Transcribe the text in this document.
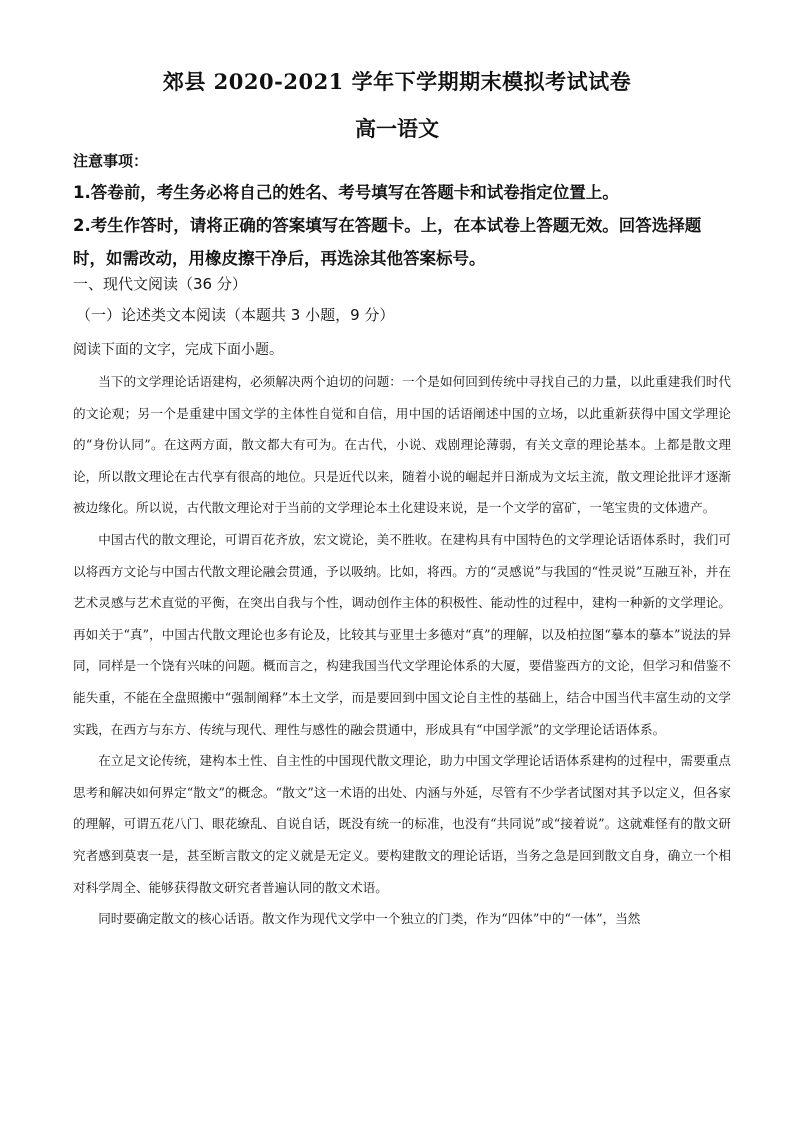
郊县 2020-2021 学年下学期期末模拟考试试卷
高一语文
注意事项：
1.答卷前，考生务必将自己的姓名、考号填写在答题卡和试卷指定位置上。
2.考生作答时，请将正确的答案填写在答题卡。上，在本试卷上答题无效。回答选择题时，如需改动，用橡皮擦干净后，再选涂其他答案标号。
一、现代文阅读（36 分）
（一）论述类文本阅读（本题共 3 小题，9 分）
阅读下面的文字，完成下面小题。

当下的文学理论话语建构，必须解决两个迫切的问题：一个是如何回到传统中寻找自己的力量，以此重建我们时代的文论观；另一个是重建中国文学的主体性自觉和自信，用中国的话语阐述中国的立场，以此重新获得中国文学理论的“身份认同”。在这两方面，散文都大有可为。在古代，小说、戏剧理论薄弱，有关文章的理论基本。上都是散文理论，所以散文理论在古代享有很高的地位。只是近代以来，随着小说的崛起并日渐成为文坛主流，散文理论批评才逐渐被边缘化。所以说，古代散文理论对于当前的文学理论本土化建设来说，是一个文学的富矿，一笔宝贵的文体遗产。

中国古代的散文理论，可谓百花齐放，宏文谠论，美不胜收。在建构具有中国特色的文学理论话语体系时，我们可以将西方文论与中国古代散文理论融会贯通，予以吸纳。比如，将西。方的“灵感说”与我国的“性灵说”互融互补，并在艺术灵感与艺术直觉的平衡，在突出自我与个性，调动创作主体的积极性、能动性的过程中，建构一种新的文学理论。再如关于“真”，中国古代散文理论也多有论及，比较其与亚里士多德对“真”的理解，以及柏拉图“摹本的摹本”说法的异同，同样是一个饶有兴味的问题。概而言之，构建我国当代文学理论体系的大厦，要借鉴西方的文论，但学习和借鉴不能失重，不能在全盘照搬中“强制阐释”本土文学，而是要回到中国文论自主性的基础上，结合中国当代丰富生动的文学实践，在西方与东方、传统与现代、理性与感性的融会贯通中，形成具有“中国学派”的文学理论话语体系。

在立足文论传统，建构本土性、自主性的中国现代散文理论，助力中国文学理论话语体系建构的过程中，需要重点思考和解决如何界定“散文”的概念。“散文”这一术语的出处、内涵与外延，尽管有不少学者试图对其予以定义，但各家的理解，可谓五花八门、眼花缭乱、自说自话，既没有统一的标准，也没有“共同说”或“接着说”。这就难怪有的散文研究者感到莫衷一是，甚至断言散文的定义就是无定义。要构建散文的理论话语，当务之急是回到散文自身，确立一个相对科学周全、能够获得散文研究者普遍认同的散文术语。

同时要确定散文的核心话语。散文作为现代文学中一个独立的门类，作为“四体”中的“一体”，当然
